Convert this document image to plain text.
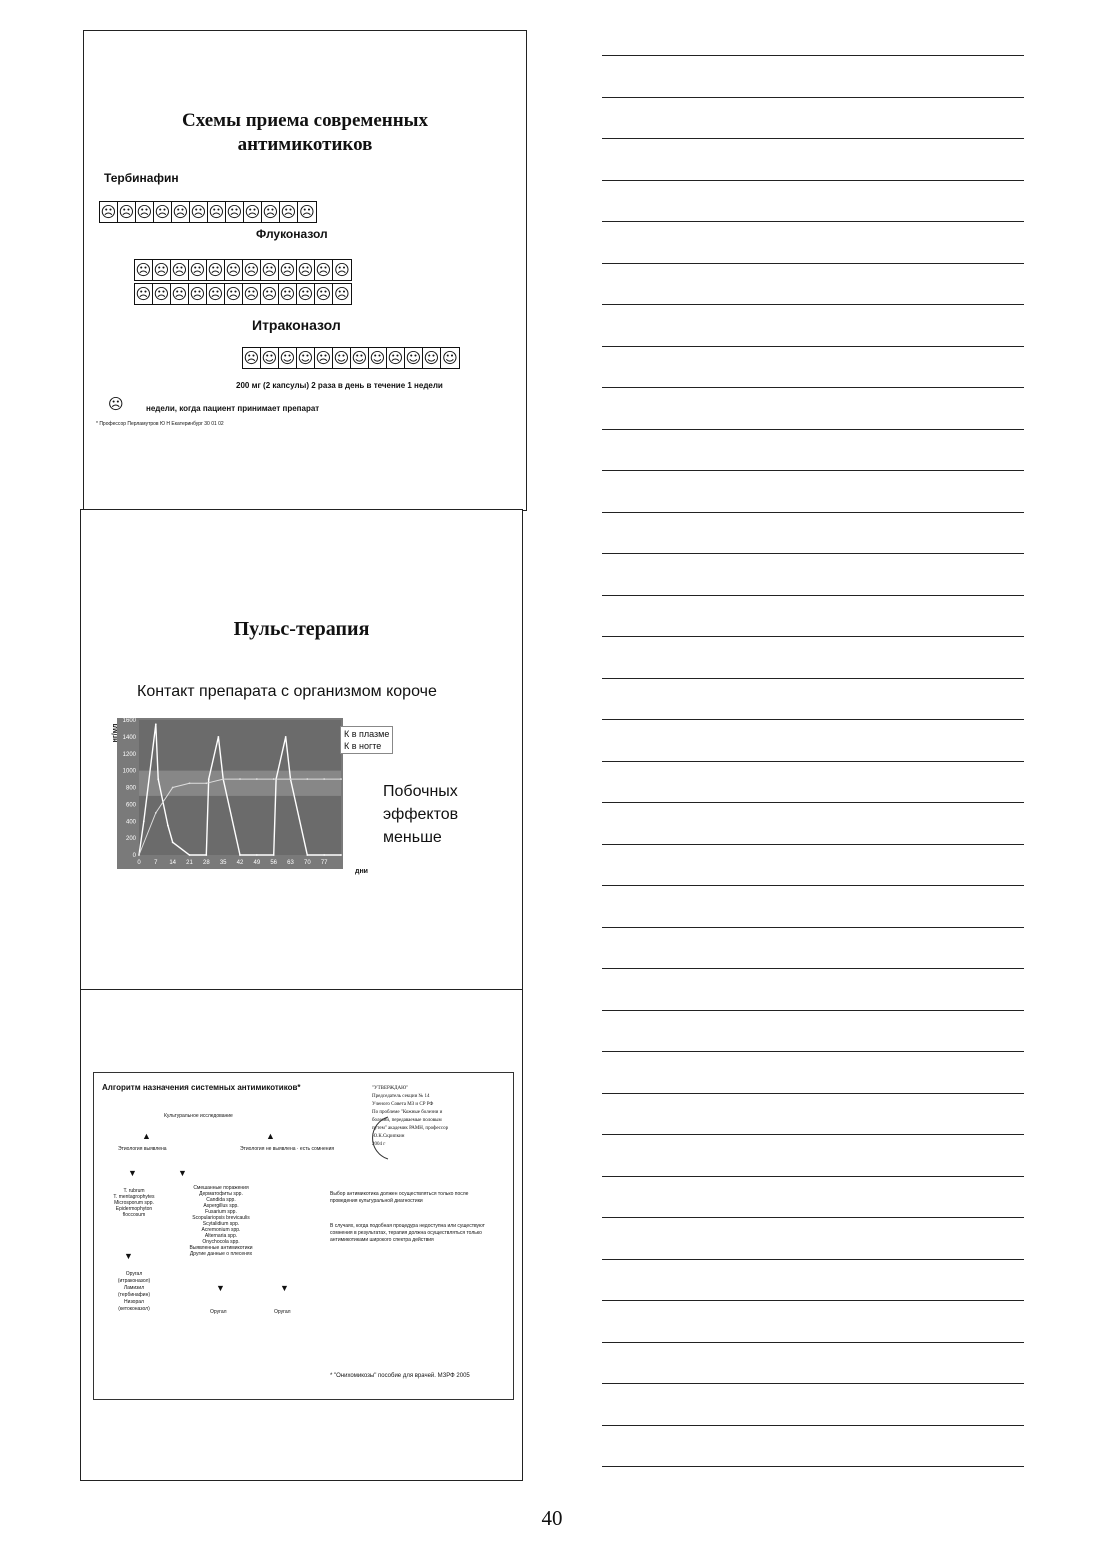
Схемы приема современных
антимикотиков
Тербинафин
☹ ☹ ☹ ☹ ☹ ☹ ☹ ☹ ☹ ☹ ☹ ☹
Флуконазол
☹ ☹ ☹ ☹ ☹ ☹ ☹ ☹ ☹ ☹ ☹ ☹
☹ ☹ ☹ ☹ ☹ ☹ ☹ ☹ ☹ ☹ ☹ ☹
Итраконазол
☹ ☺ ☺ ☺ ☹ ☺ ☺ ☺ ☹ ☺ ☺ ☺
200 мг (2 капсулы) 2 раза в день в течение 1 недели
☹	недели, когда пациент принимает препарат
* Профессор Перламутров Ю Н Екатеринбург 30 01 02
Пульс-терапия
Контакт препарата с организмом короче
0
200
400
600
800
1000
1200
1400
1600
0 7 14 21 28 35 42 49 56 63 70 77
нг/мл
дни
К в плазме
К в ногте
Побочных
эффектов
меньше
Алгоритм назначения системных антимикотиков*	"УТВЕРЖДАЮ"
Председатель секции № 14
Ученого Совета МЗ и СР РФ
По проблеме "Кожные болезни и
болезни, передаваемые половым
путем" академик РАМН, профессор
Ю.К.Скрипкин
2004 г
Культуральное исследование
▲	▲
Этиология выявлена	Этиология не выявлена · есть сомнения
▼	▼
T. rubrum
T. mentagrophytes
Microsporum spp.
Epidermophyton
floccosum
Смешанные поражения
Дерматофиты spp.
Candida spp.
Aspergillus spp.
Fusarium spp.
Scopulariopsis brevicaulis
Scytalidium spp.
Acremonium spp.
Alternaria spp.
Onychocola spp.
Выявленные антимикотики
Другие данные о плесенях
Выбор антимикотика должен осуществляться только после проведения культуральной диагностики
В случаях, когда подобная процедура недоступна или существуют сомнения в результатах, терапия должна осуществляться только антимикотиками широкого спектра действия
▼
Оругал
(итраконазол)
Ламизил
(тербинафин)
Низорал
(кетоконазол)
▼	▼
Оругал	Оругал
* "Онихомикозы" пособие для врачей. МЗРФ 2005
40
